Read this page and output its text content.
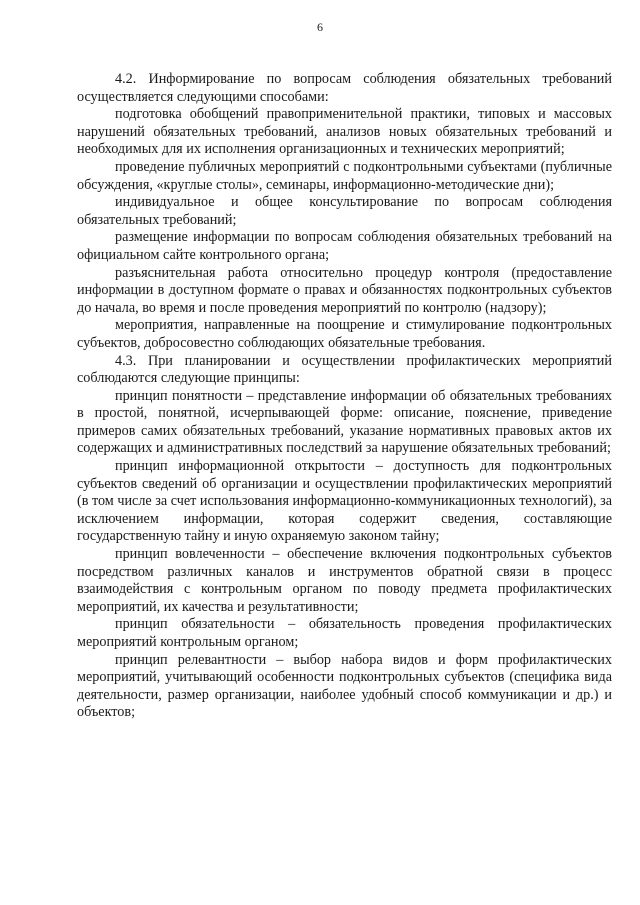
6

4.2. Информирование по вопросам соблюдения обязательных требований осуществляется следующими способами:

подготовка обобщений правоприменительной практики, типовых и массовых нарушений обязательных требований, анализов новых обязательных требований и необходимых для их исполнения организационных и технических мероприятий;

проведение публичных мероприятий с подконтрольными субъектами (публичные обсуждения, «круглые столы», семинары, информационно-методические дни);

индивидуальное и общее консультирование по вопросам соблюдения обязательных требований;

размещение информации по вопросам соблюдения обязательных требований на официальном сайте контрольного органа;

разъяснительная работа относительно процедур контроля (предоставление информации в доступном формате о правах и обязанностях подконтрольных субъектов до начала, во время и после проведения мероприятий по контролю (надзору);

мероприятия, направленные на поощрение и стимулирование подконтрольных субъектов, добросовестно соблюдающих обязательные требования.

4.3. При планировании и осуществлении профилактических мероприятий соблюдаются следующие принципы:

принцип понятности – представление информации об обязательных требованиях в простой, понятной, исчерпывающей форме: описание, пояснение, приведение примеров самих обязательных требований, указание нормативных правовых актов их содержащих и административных последствий за нарушение обязательных требований;

принцип информационной открытости – доступность для подконтрольных субъектов сведений об организации и осуществлении профилактических мероприятий (в том числе за счет использования информационно-коммуникационных технологий), за исключением информации, которая содержит сведения, составляющие государственную тайну и иную охраняемую законом тайну;

принцип вовлеченности – обеспечение включения подконтрольных субъектов посредством различных каналов и инструментов обратной связи в процесс взаимодействия с контрольным органом по поводу предмета профилактических мероприятий, их качества и результативности;

принцип обязательности – обязательность проведения профилактических мероприятий контрольным органом;

принцип релевантности – выбор набора видов и форм профилактических мероприятий, учитывающий особенности подконтрольных субъектов (специфика вида деятельности, размер организации, наиболее удобный способ коммуникации и др.) и объектов;
